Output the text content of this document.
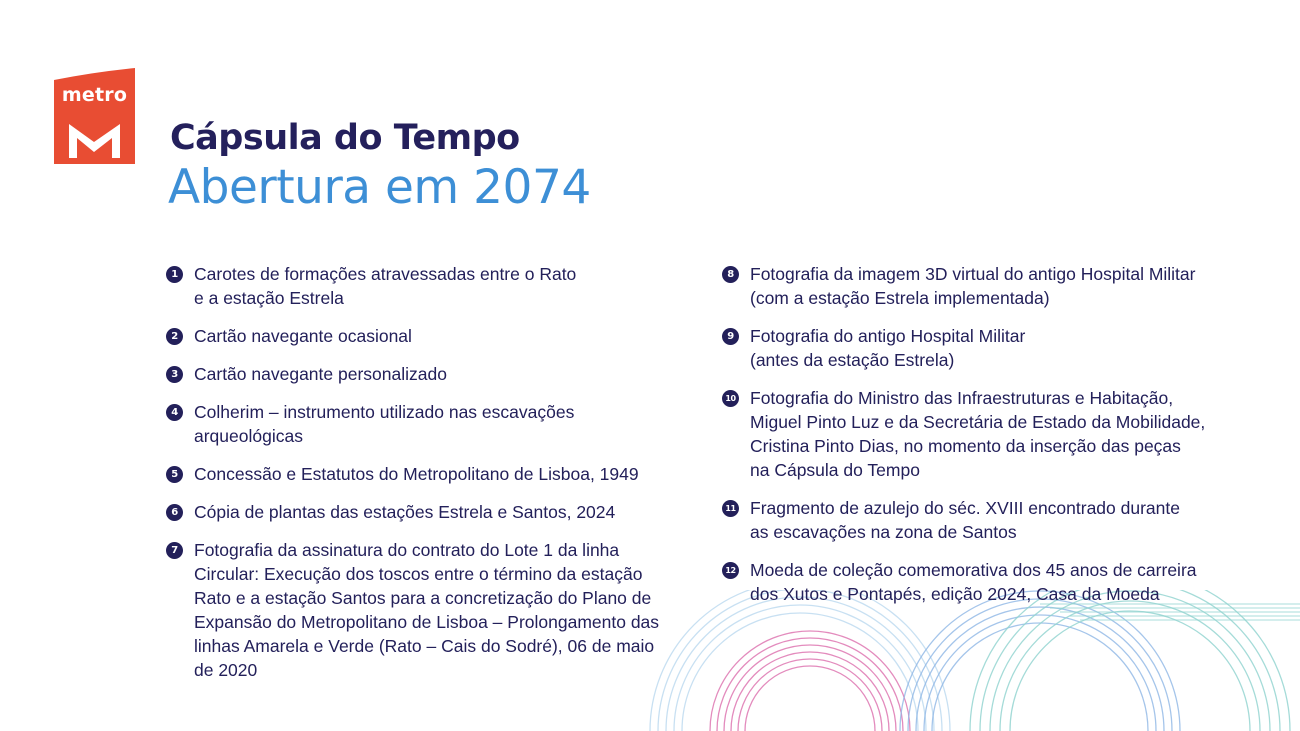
metro
Cápsula do Tempo
Abertura em 2074
1 Carotes de formações atravessadas entre o Rato
e a estação Estrela
2 Cartão navegante ocasional
3 Cartão navegante personalizado
4 Colherim – instrumento utilizado nas escavações
arqueológicas
5 Concessão e Estatutos do Metropolitano de Lisboa, 1949
6 Cópia de plantas das estações Estrela e Santos, 2024
7 Fotografia da assinatura do contrato do Lote 1 da linha
Circular: Execução dos toscos entre o término da estação
Rato e a estação Santos para a concretização do Plano de
Expansão do Metropolitano de Lisboa – Prolongamento das
linhas Amarela e Verde (Rato – Cais do Sodré), 06 de maio
de 2020
8 Fotografia da imagem 3D virtual do antigo Hospital Militar
(com a estação Estrela implementada)
9 Fotografia do antigo Hospital Militar
(antes da estação Estrela)
10 Fotografia do Ministro das Infraestruturas e Habitação,
Miguel Pinto Luz e da Secretária de Estado da Mobilidade,
Cristina Pinto Dias, no momento da inserção das peças
na Cápsula do Tempo
11 Fragmento de azulejo do séc. XVIII encontrado durante
as escavações na zona de Santos
12 Moeda de coleção comemorativa dos 45 anos de carreira
dos Xutos e Pontapés, edição 2024, Casa da Moeda
